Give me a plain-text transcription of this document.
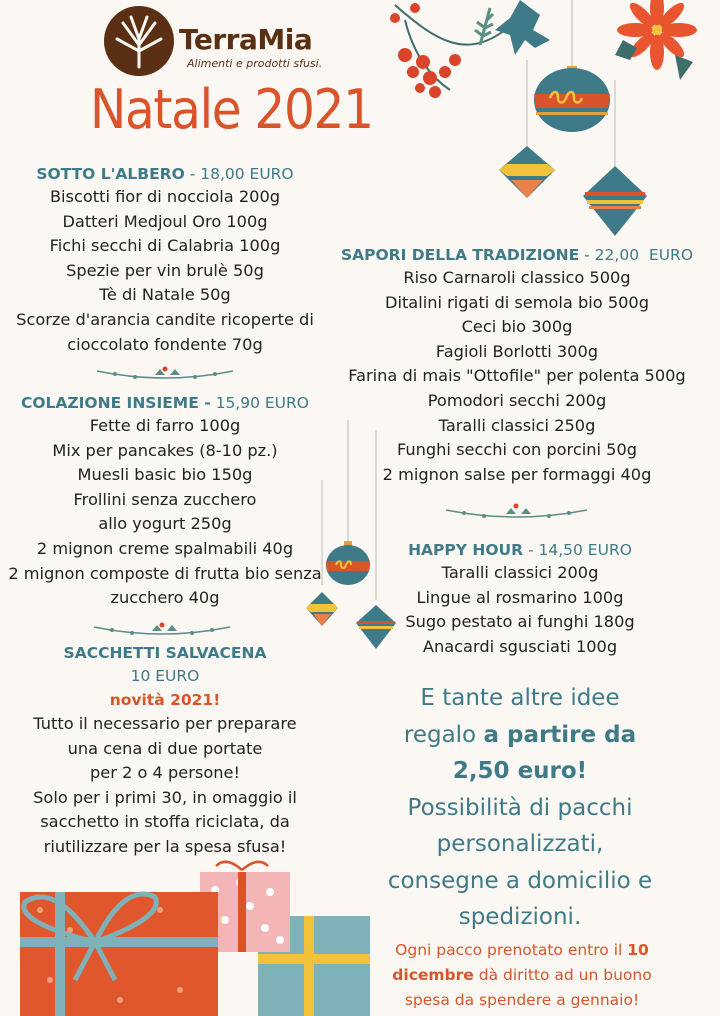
TerraMia
Alimenti e prodotti sfusi.
Natale 2021
SOTTO L'ALBERO - 18,00 EURO
Biscotti fior di nocciola 200g
Datteri Medjoul Oro 100g
Fichi secchi di Calabria 100g
Spezie per vin brulè 50g
Tè di Natale 50g
Scorze d'arancia candite ricoperte di
cioccolato fondente 70g
COLAZIONE INSIEME - 15,90 EURO
Fette di farro 100g
Mix per pancakes (8-10 pz.)
Muesli basic bio 150g
Frollini senza zucchero
allo yogurt 250g
2 mignon creme spalmabili 40g
2 mignon composte di frutta bio senza
zucchero 40g
SACCHETTI SALVACENA
10 EURO
novità 2021!
Tutto il necessario per preparare
una cena di due portate
per 2 o 4 persone!
Solo per i primi 30, in omaggio il
sacchetto in stoffa riciclata, da
riutilizzare per la spesa sfusa!
SAPORI DELLA TRADIZIONE - 22,00  EURO
Riso Carnaroli classico 500g
Ditalini rigati di semola bio 500g
Ceci bio 300g
Fagioli Borlotti 300g
Farina di mais "Ottofile" per polenta 500g
Pomodori secchi 200g
Taralli classici 250g
Funghi secchi con porcini 50g
2 mignon salse per formaggi 40g
HAPPY HOUR - 14,50 EURO
Taralli classici 200g
Lingue al rosmarino 100g
Sugo pestato ai funghi 180g
Anacardi sgusciati 100g
E tante altre idee
regalo a partire da
2,50 euro!
Possibilità di pacchi
personalizzati,
consegne a domicilio e
spedizioni.
Ogni pacco prenotato entro il 10
dicembre dà diritto ad un buono
spesa da spendere a gennaio!
